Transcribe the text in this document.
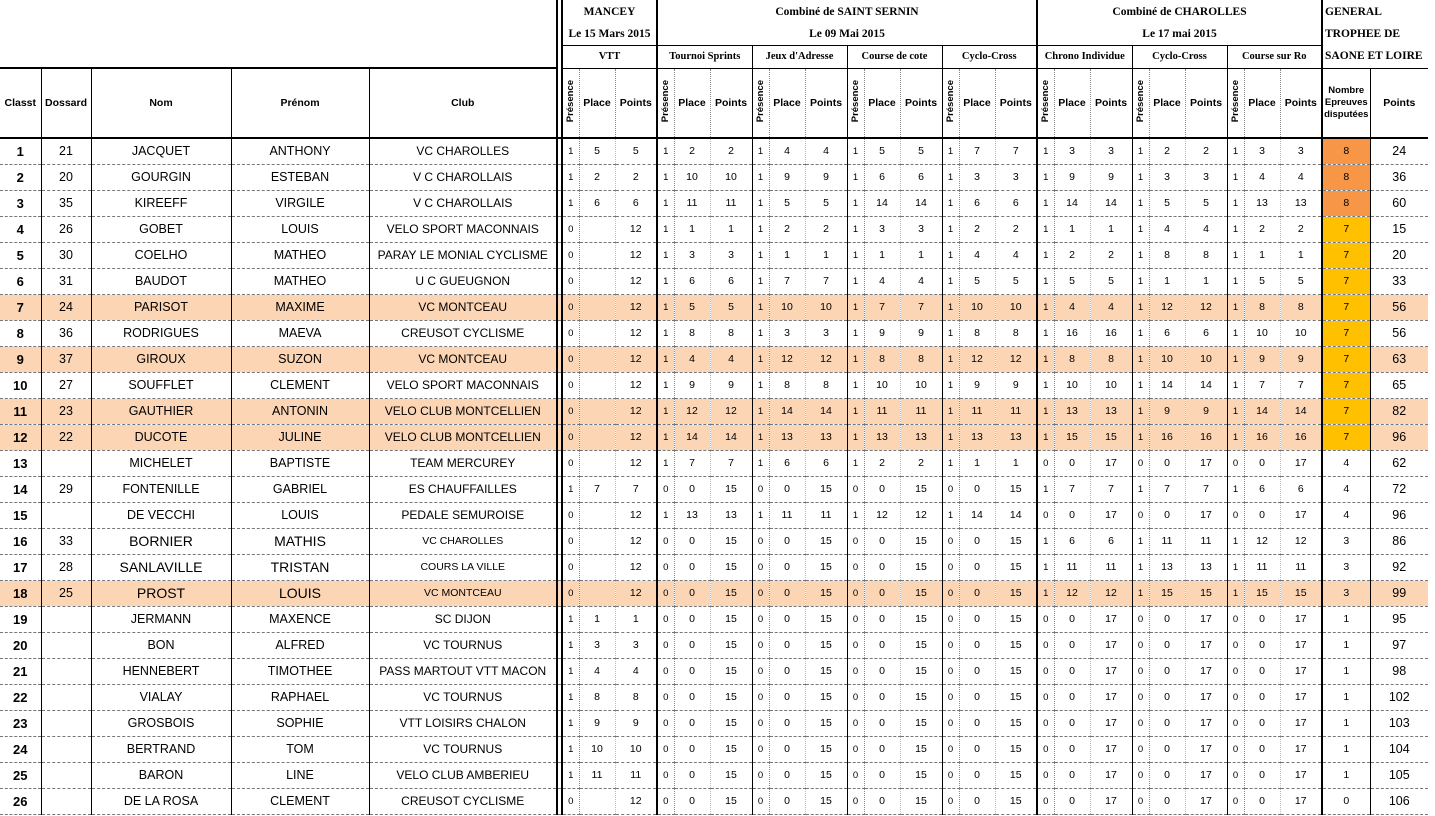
						MANCEY			Combiné de SAINT SERNIN												Combiné de CHAROLLES									GENERAL	
						Le 15 Mars 2015			Le 09 Mai 2015												Le 17 mai 2015									TROPHEE DE	
						VTT			Tournoi Sprints			Jeux d'Adresse			Course de cote			Cyclo-Cross			Chrono Individue			Cyclo-Cross			Course sur Ro			SAONE ET LOIRE	
Classt	Dossard	Nom	Prénom	Club		Présence	Place	Points	Présence	Place	Points	Présence	Place	Points	Présence	Place	Points	Présence	Place	Points	Présence	Place	Points	Présence	Place	Points	Présence	Place	Points	Nombre Epreuves disputées	Points
1	21	JACQUET	ANTHONY	VC CHAROLLES		1	5	5	1	2	2	1	4	4	1	5	5	1	7	7	1	3	3	1	2	2	1	3	3	8	24
2	20	GOURGIN	ESTEBAN	V C CHAROLLAIS		1	2	2	1	10	10	1	9	9	1	6	6	1	3	3	1	9	9	1	3	3	1	4	4	8	36
3	35	KIREEFF	VIRGILE	V C CHAROLLAIS		1	6	6	1	11	11	1	5	5	1	14	14	1	6	6	1	14	14	1	5	5	1	13	13	8	60
4	26	GOBET	LOUIS	VELO SPORT MACONNAIS		0		12	1	1	1	1	2	2	1	3	3	1	2	2	1	1	1	1	4	4	1	2	2	7	15
5	30	COELHO	MATHEO	PARAY LE MONIAL CYCLISME		0		12	1	3	3	1	1	1	1	1	1	1	4	4	1	2	2	1	8	8	1	1	1	7	20
6	31	BAUDOT	MATHEO	U C GUEUGNON		0		12	1	6	6	1	7	7	1	4	4	1	5	5	1	5	5	1	1	1	1	5	5	7	33
7	24	PARISOT	MAXIME	VC MONTCEAU		0		12	1	5	5	1	10	10	1	7	7	1	10	10	1	4	4	1	12	12	1	8	8	7	56
8	36	RODRIGUES	MAEVA	CREUSOT CYCLISME		0		12	1	8	8	1	3	3	1	9	9	1	8	8	1	16	16	1	6	6	1	10	10	7	56
9	37	GIROUX	SUZON	VC MONTCEAU		0		12	1	4	4	1	12	12	1	8	8	1	12	12	1	8	8	1	10	10	1	9	9	7	63
10	27	SOUFFLET	CLEMENT	VELO SPORT MACONNAIS		0		12	1	9	9	1	8	8	1	10	10	1	9	9	1	10	10	1	14	14	1	7	7	7	65
11	23	GAUTHIER	ANTONIN	VELO CLUB MONTCELLIEN		0		12	1	12	12	1	14	14	1	11	11	1	11	11	1	13	13	1	9	9	1	14	14	7	82
12	22	DUCOTE	JULINE	VELO CLUB MONTCELLIEN		0		12	1	14	14	1	13	13	1	13	13	1	13	13	1	15	15	1	16	16	1	16	16	7	96
13		MICHELET	BAPTISTE	TEAM MERCUREY		0		12	1	7	7	1	6	6	1	2	2	1	1	1	0	0	17	0	0	17	0	0	17	4	62
14	29	FONTENILLE	GABRIEL	ES CHAUFFAILLES		1	7	7	0	0	15	0	0	15	0	0	15	0	0	15	1	7	7	1	7	7	1	6	6	4	72
15		DE VECCHI	LOUIS	PEDALE SEMUROISE		0		12	1	13	13	1	11	11	1	12	12	1	14	14	0	0	17	0	0	17	0	0	17	4	96
16	33	BORNIER	MATHIS	VC CHAROLLES		0		12	0	0	15	0	0	15	0	0	15	0	0	15	1	6	6	1	11	11	1	12	12	3	86
17	28	SANLAVILLE	TRISTAN	COURS LA VILLE		0		12	0	0	15	0	0	15	0	0	15	0	0	15	1	11	11	1	13	13	1	11	11	3	92
18	25	PROST	LOUIS	VC MONTCEAU		0		12	0	0	15	0	0	15	0	0	15	0	0	15	1	12	12	1	15	15	1	15	15	3	99
19		JERMANN	MAXENCE	SC DIJON		1	1	1	0	0	15	0	0	15	0	0	15	0	0	15	0	0	17	0	0	17	0	0	17	1	95
20		BON	ALFRED	VC TOURNUS		1	3	3	0	0	15	0	0	15	0	0	15	0	0	15	0	0	17	0	0	17	0	0	17	1	97
21		HENNEBERT	TIMOTHEE	PASS MARTOUT VTT MACON		1	4	4	0	0	15	0	0	15	0	0	15	0	0	15	0	0	17	0	0	17	0	0	17	1	98
22		VIALAY	RAPHAEL	VC TOURNUS		1	8	8	0	0	15	0	0	15	0	0	15	0	0	15	0	0	17	0	0	17	0	0	17	1	102
23		GROSBOIS	SOPHIE	VTT LOISIRS CHALON		1	9	9	0	0	15	0	0	15	0	0	15	0	0	15	0	0	17	0	0	17	0	0	17	1	103
24		BERTRAND	TOM	VC TOURNUS		1	10	10	0	0	15	0	0	15	0	0	15	0	0	15	0	0	17	0	0	17	0	0	17	1	104
25		BARON	LINE	VELO CLUB AMBERIEU		1	11	11	0	0	15	0	0	15	0	0	15	0	0	15	0	0	17	0	0	17	0	0	17	1	105
26		DE LA ROSA	CLEMENT	CREUSOT CYCLISME		0		12	0	0	15	0	0	15	0	0	15	0	0	15	0	0	17	0	0	17	0	0	17	0	106
